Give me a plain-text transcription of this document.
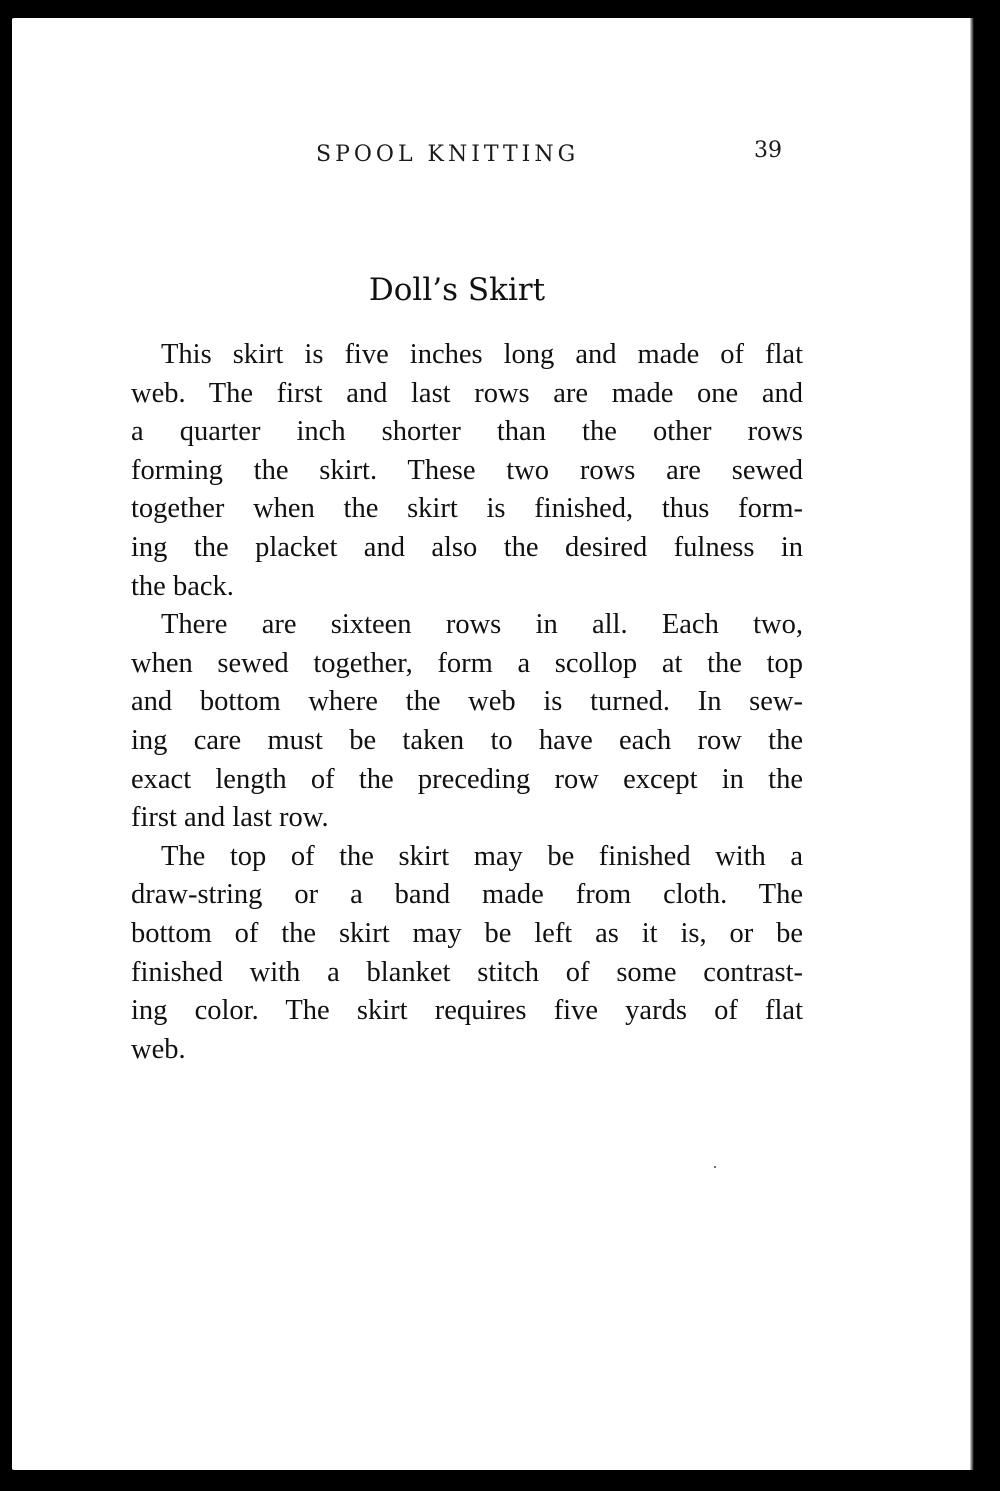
SPOOL KNITTING	39
Doll’s Skirt
This skirt is five inches long and made of flat
web. The first and last rows are made one and
a quarter inch shorter than the other rows
forming the skirt. These two rows are sewed
together when the skirt is finished, thus form-
ing the placket and also the desired fulness in
the back.
There are sixteen rows in all. Each two,
when sewed together, form a scollop at the top
and bottom where the web is turned. In sew-
ing care must be taken to have each row the
exact length of the preceding row except in the
first and last row.
The top of the skirt may be finished with a
draw-string or a band made from cloth. The
bottom of the skirt may be left as it is, or be
finished with a blanket stitch of some contrast-
ing color. The skirt requires five yards of flat
web.
